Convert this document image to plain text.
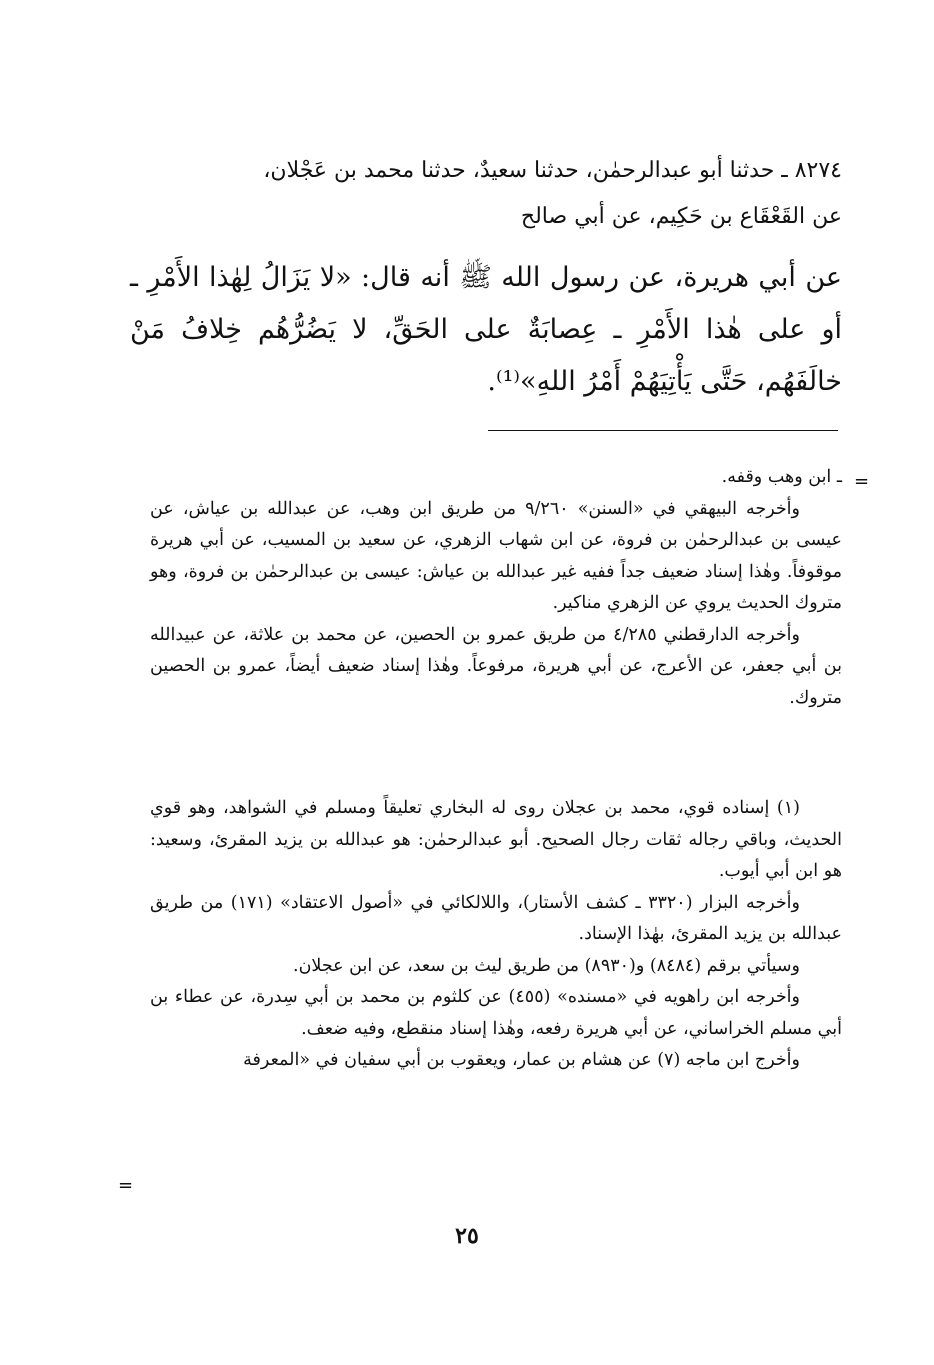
٨٢٧٤ ـ حدثنا أبو عبدالرحمٰن، حدثنا سعيدٌ، حدثنا محمد بن عَجْلان،
عن القَعْقَاع بن حَكِيم، عن أبي صالح
عن أبي هريرة، عن رسول الله ﷺ أنه قال: «لا يَزَالُ لِهٰذا الأَمْرِ ـ أو على هٰذا الأَمْرِ ـ عِصابَةٌ على الحَقِّ، لا يَضُرُّهُم خِلافُ مَنْ خالَفَهُم، حَتَّى يَأْتِيَهُمْ أَمْرُ اللهِ»⁽¹⁾.
=

ـ ابن وهب وقفه.

وأخرجه البيهقي في «السنن» ٩/٢٦٠ من طريق ابن وهب، عن عبدالله بن عياش، عن عيسى بن عبدالرحمٰن بن فروة، عن ابن شهاب الزهري، عن سعيد بن المسيب، عن أبي هريرة موقوفاً. وهٰذا إسناد ضعيف جداً ففيه غير عبدالله بن عياش: عيسى بن عبدالرحمٰن بن فروة، وهو متروك الحديث يروي عن الزهري مناكير.

وأخرجه الدارقطني ٤/٢٨٥ من طريق عمرو بن الحصين، عن محمد بن علاثة، عن عبيدالله بن أبي جعفر، عن الأعرج، عن أبي هريرة، مرفوعاً. وهٰذا إسناد ضعيف أيضاً، عمرو بن الحصين متروك.

(١) إسناده قوي، محمد بن عجلان روى له البخاري تعليقاً ومسلم في الشواهد، وهو قوي الحديث، وباقي رجاله ثقات رجال الصحيح. أبو عبدالرحمٰن: هو عبدالله بن يزيد المقرئ، وسعيد: هو ابن أبي أيوب.

وأخرجه البزار (٣٣٢٠ ـ كشف الأستار)، واللالكائي في «أصول الاعتقاد» (١٧١) من طريق عبدالله بن يزيد المقرئ، بهٰذا الإسناد.

وسيأتي برقم (٨٤٨٤) و(٨٩٣٠) من طريق ليث بن سعد، عن ابن عجلان.

وأخرجه ابن راهويه في «مسنده» (٤٥٥) عن كلثوم بن محمد بن أبي سِدرة، عن عطاء بن أبي مسلم الخراساني، عن أبي هريرة رفعه، وهٰذا إسناد منقطع، وفيه ضعف.

وأخرج ابن ماجه (٧) عن هشام بن عمار، ويعقوب بن أبي سفيان في «المعرفة

=
٢٥
